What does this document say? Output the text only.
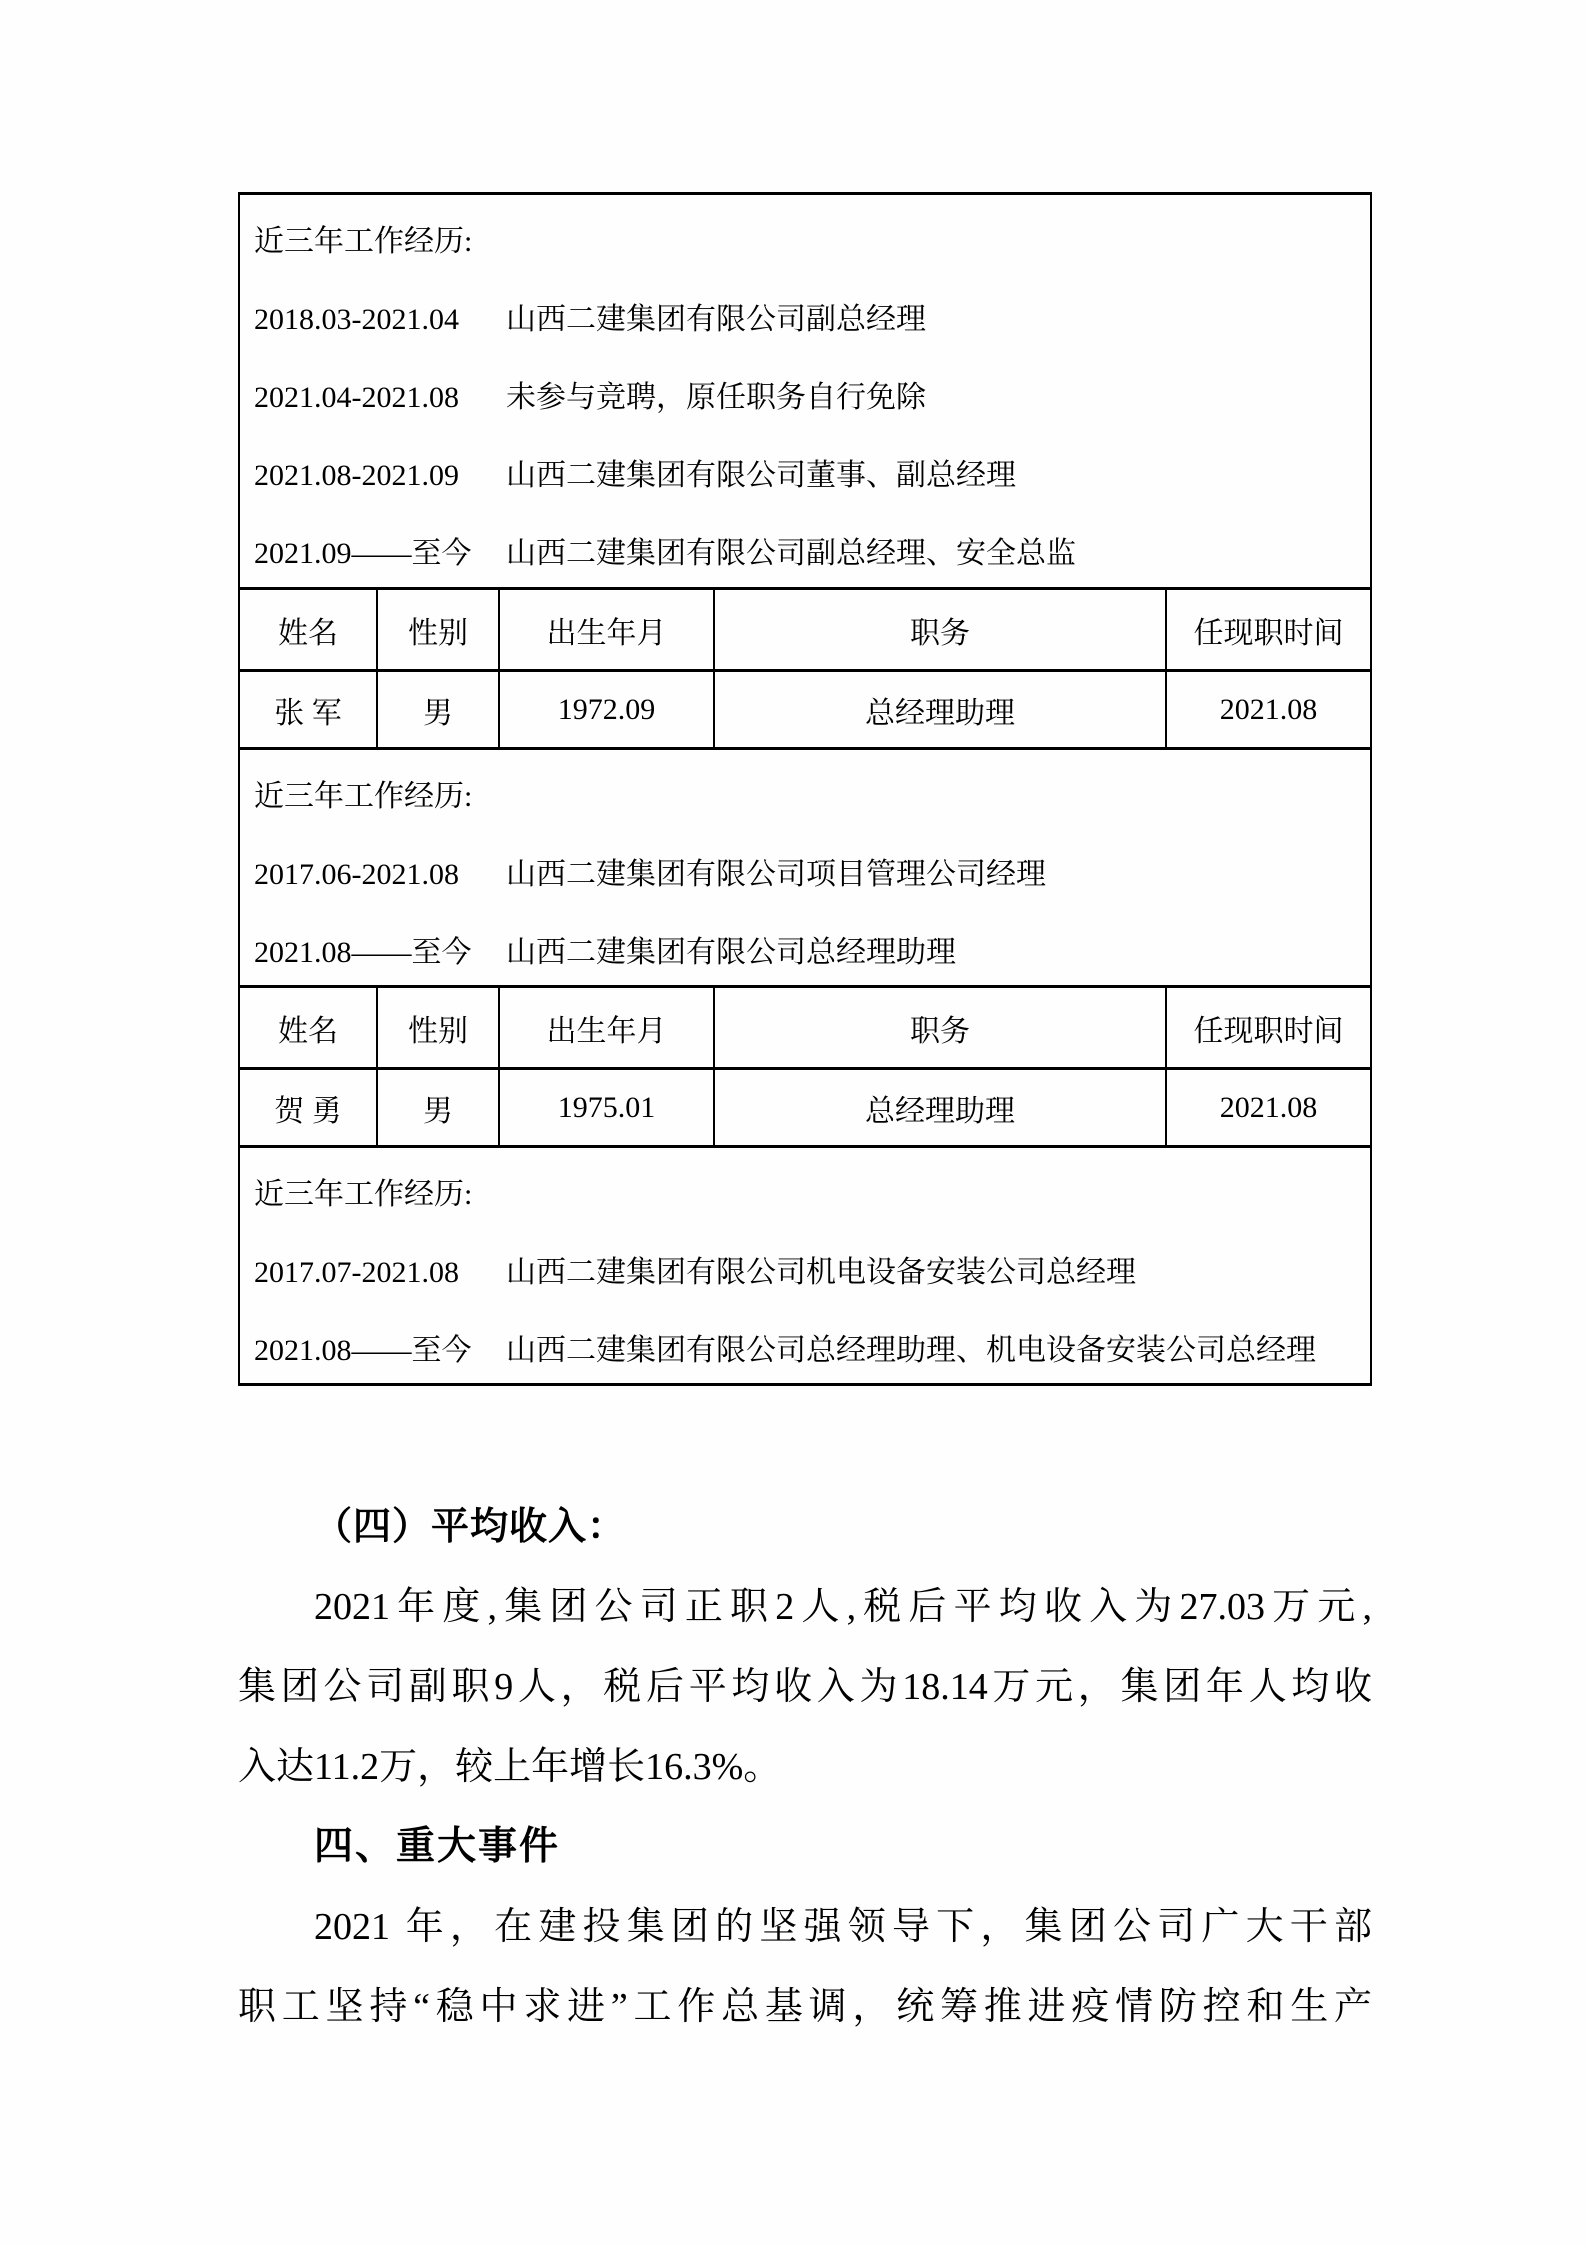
近三年工作经历:
2018.03-2021.04 山西二建集团有限公司副总经理
2021.04-2021.08 未参与竞聘，原任职务自行免除
2021.08-2021.09 山西二建集团有限公司董事、副总经理
2021.09——至今 山西二建集团有限公司副总经理、安全总监
姓名	性别	出生年月	职务	任现职时间
张 军	男	1972.09	总经理助理	2021.08
近三年工作经历:
2017.06-2021.08 山西二建集团有限公司项目管理公司经理
2021.08——至今 山西二建集团有限公司总经理助理
姓名	性别	出生年月	职务	任现职时间
贺 勇	男	1975.01	总经理助理	2021.08
近三年工作经历:
2017.07-2021.08 山西二建集团有限公司机电设备安装公司总经理
2021.08——至今 山西二建集团有限公司总经理助理、机电设备安装公司总经理
（四）平均收入：
2021年度,集团公司正职2人,税后平均收入为27.03万元,
集团公司副职9人，税后平均收入为18.14万元，集团年人均收
入达11.2万，较上年增长16.3%。
四、重大事件
2021 年，在建投集团的坚强领导下，集团公司广大干部
职工坚持“稳中求进”工作总基调，统筹推进疫情防控和生产
